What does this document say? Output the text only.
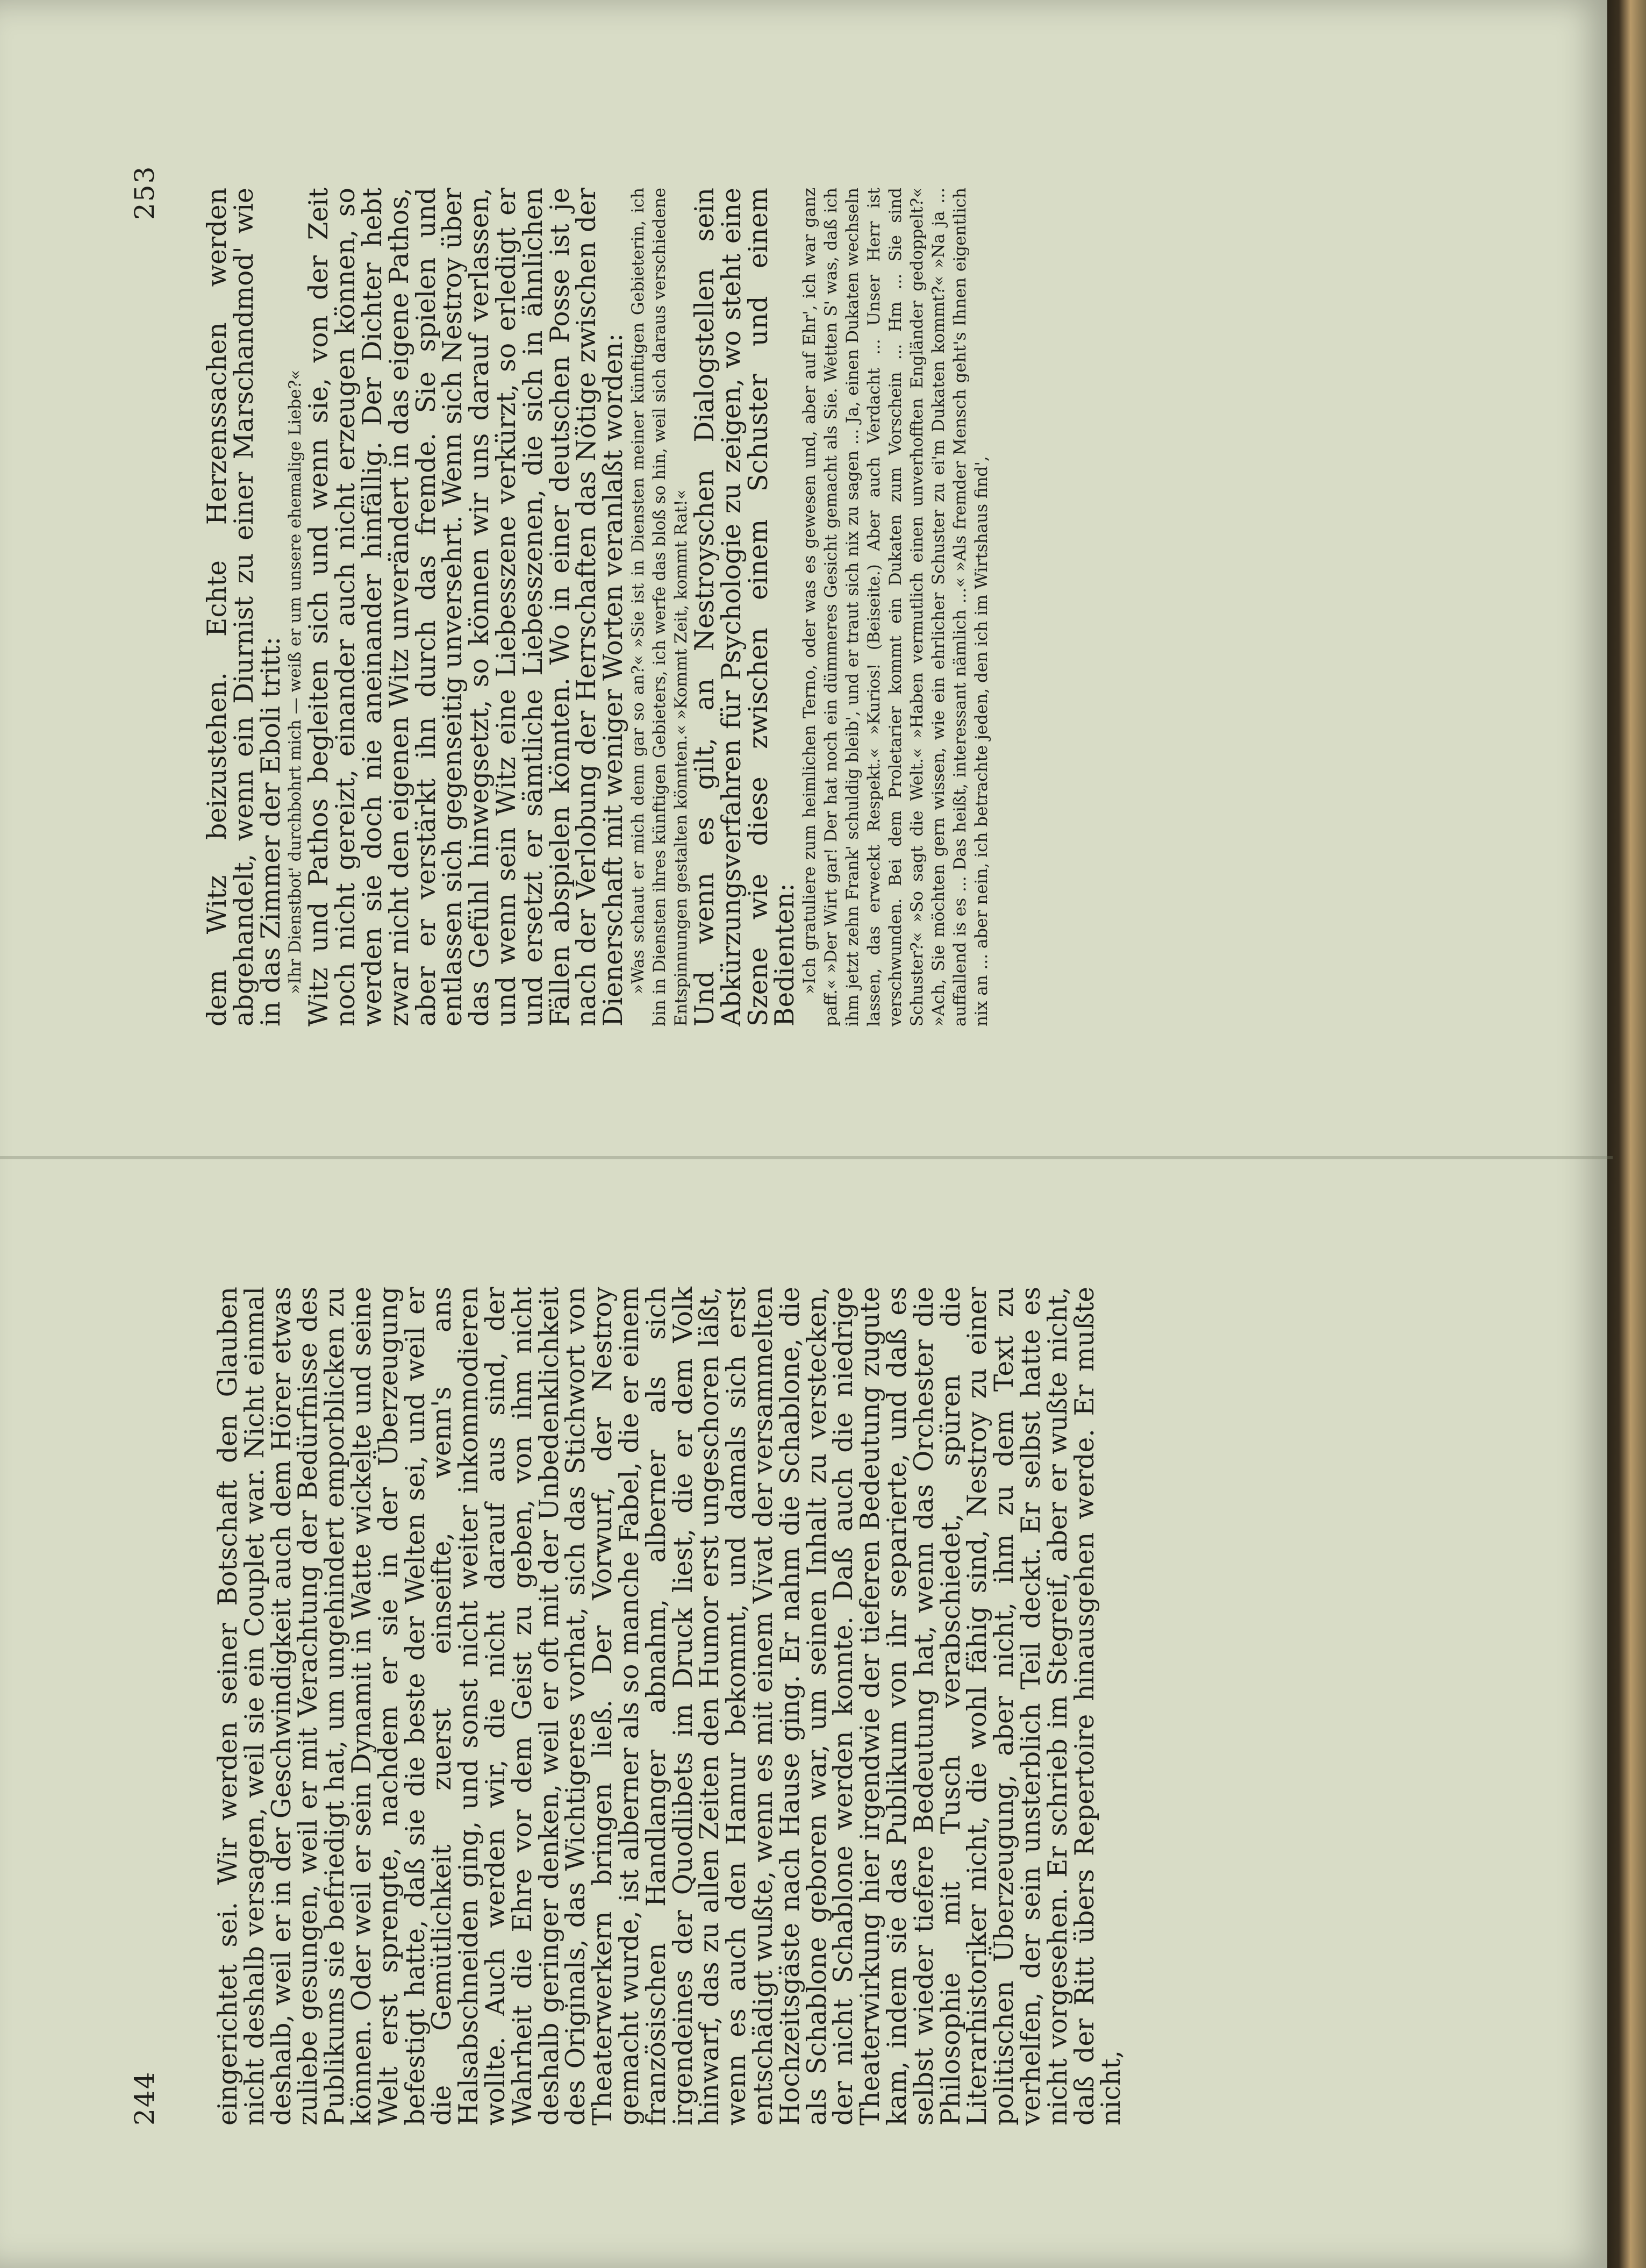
244 eingerichtet sei. Wir werden seiner Botschaft den Glauben nicht deshalb versagen, weil sie ein Couplet war. Nicht einmal deshalb, weil er in der Geschwindigkeit auch dem Hörer etwas zuliebe gesungen, weil er mit Verachtung der Bedürfnisse des Publikums sie befriedigt hat, um ungehindert emporblicken zu können. Oder weil er sein Dynamit in Watte wickelte und seine Welt erst sprengte, nachdem er sie in der Überzeugung befestigt hatte, daß sie die beste der Welten sei, und weil er die Gemütlichkeit zuerst einseifte, wenn's ans Halsabschneiden ging, und sonst nicht weiter inkommodieren wollte. Auch werden wir, die nicht darauf aus sind, der Wahrheit die Ehre vor dem Geist zu geben, von ihm nicht deshalb geringer denken, weil er oft mit der Unbedenklichkeit des Originals, das Wichtigeres vorhat, sich das Stichwort von Theaterwerkern bringen ließ. Der Vorwurf, der Nestroy gemacht wurde, ist alberner als so manche Fabel, die er einem französischen Handlanger abnahm, alberner als sich irgendeines der Quodlibets im Druck liest, die er dem Volk hinwarf, das zu allen Zeiten den Humor erst ungeschoren läßt, wenn es auch den Hamur bekommt, und damals sich erst entschädigt wußte, wenn es mit einem Vivat der versammelten Hochzeitsgäste nach Hause ging. Er nahm die Schablone, die als Schablone geboren war, um seinen Inhalt zu verstecken, der nicht Schablone werden konnte. Daß auch die niedrige Theaterwirkung hier irgendwie der tieferen Bedeutung zugute kam, indem sie das Publikum von ihr separierte, und daß es selbst wieder tiefere Bedeutung hat, wenn das Orchester die Philosophie mit Tusch verabschiedet, spüren die Literarhistoriker nicht, die wohl fähig sind, Nestroy zu einer politischen Überzeugung, aber nicht, ihm zu dem Text zu verhelfen, der sein unsterblich Teil deckt. Er selbst hatte es nicht vorgesehen. Er schrieb im Stegreif, aber er wußte nicht, daß der Ritt übers Repertoire hinausgehen werde. Er mußte nicht,

253 dem Witz beizustehen. Echte Herzenssachen werden abgehandelt, wenn ein Diurnist zu einer Marschandmod' wie in das Zimmer der Eboli tritt: »Ihr Dienstbot' durchbohrt mich — weiß er um unsere ehemalige Liebe?«

Witz und Pathos begleiten sich und wenn sie, von der Zeit noch nicht gereizt, einander auch nicht erzeugen können, so werden sie doch nie aneinander hinfällig. Der Dichter hebt zwar nicht den eigenen Witz unverändert in das eigene Pathos, aber er verstärkt ihn durch das fremde. Sie spielen und entlassen sich gegenseitig unversehrt. Wenn sich Nestroy über das Gefühl hinwegsetzt, so können wir uns darauf verlassen, und wenn sein Witz eine Liebesszene verkürzt, so erledigt er und ersetzt er sämtliche Liebesszenen, die sich in ähnlichen Fällen abspielen könnten. Wo in einer deutschen Posse ist je nach der Verlobung der Herrschaften das Nötige zwischen der Dienerschaft mit weniger Worten veranlaßt worden: »Was schaut er mich denn gar so an?« »Sie ist in Diensten meiner künftigen Gebieterin, ich bin in Diensten ihres künftigen Gebieters, ich werfe das bloß so hin, weil sich daraus verschiedene Entspinnungen gestalten könnten.« »Kommt Zeit, kommt Rat!«

Und wenn es gilt, an Nestroyschen Dialogstellen sein Abkürzungsverfahren für Psychologie zu zeigen, wo steht eine Szene wie diese zwischen einem Schuster und einem Bedienten: »Ich gratuliere zum heimlichen Terno, oder was es gewesen und, aber auf Ehr', ich war ganz paff.« »Der Wirt gar! Der hat noch ein dümmeres Gesicht gemacht als Sie. Wetten S' was, daß ich ihm jetzt zehn Frank' schuldig bleib', und er traut sich nix zu sagen ... Ja, einen Dukaten wechseln lassen, das erweckt Respekt.« »Kurios! (Beiseite.) Aber auch Verdacht ... Unser Herr ist verschwunden. Bei dem Proletarier kommt ein Dukaten zum Vorschein ... Hm ... Sie sind Schuster?« »So sagt die Welt.« »Haben vermutlich einen unverhofften Engländer gedoppelt?« »Ach, Sie möchten gern wissen, wie ein ehrlicher Schuster zu ei'm Dukaten kommt?« »Na ja ... auffallend is es ... Das heißt, interessant nämlich ...« »Als fremder Mensch geht's Ihnen eigentlich nix an ... aber nein, ich betrachte jeden, den ich im Wirtshaus find',
